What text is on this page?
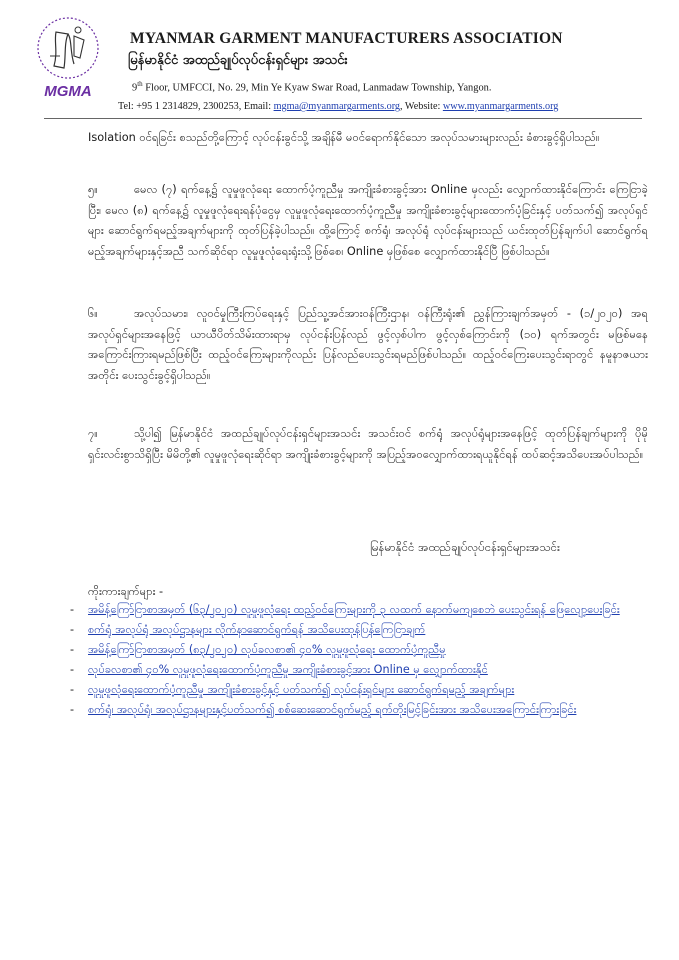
MGMA
MYANMAR GARMENT MANUFACTURERS ASSOCIATION
မြန်မာနိုင်ငံ အထည်ချုပ်လုပ်ငန်းရှင်များ အသင်း
9th Floor, UMFCCI, No. 29, Min Ye Kyaw Swar Road, Lanmadaw Township, Yangon.
Tel: +95 1 2314829, 2300253, Email: mgma@myanmargarments.org, Website: www.myanmargarments.org
Isolation ဝင်ရခြင်း စသည်တို့ကြောင့် လုပ်ငန်းခွင်သို့ အချိန်မီ မဝင်ရောက်နိုင်သော အလုပ်သမားများလည်း ခံစားခွင့်ရှိပါသည်။
၅။	မေလ (၇) ရက်နေ့၌ လူမှုဖူလုံရေး ထောက်ပံ့ကူညီမှု အကျိုးခံစားခွင့်အား Online မှလည်း လျှောက်ထားနိုင်ကြောင်း ကြေငြာခဲ့ပြီး၊ မေလ (၈) ရက်နေ့၌ လူမှုဖူလုံရေးရန်ပုံငွေမှ လူမှုဖူလုံရေးထောက်ပံ့ကူညီမှု အကျိုးခံစားခွင့်များထောက်ပံ့ခြင်းနှင့် ပတ်သက်၍ အလုပ်ရှင်များ ဆောင်ရွက်ရမည့်အချက်များကို ထုတ်ပြန်ခဲ့ပါသည်။ ထို့ကြောင့် စက်ရုံ၊ အလုပ်ရုံ လုပ်ငန်းများသည် ယင်းထုတ်ပြန်ချက်ပါ ဆောင်ရွက်ရမည့်အချက်များနှင့်အညီ သက်ဆိုင်ရာ လူမှုဖူလုံရေးရုံးသို့ဖြစ်စေ၊ Online မှဖြစ်စေ လျှောက်ထားနိုင်ပြီ ဖြစ်ပါသည်။
၆။	အလုပ်သမား၊ လူဝင်မှုကြီးကြပ်ရေးနှင့် ပြည်သူ့အင်အားဝန်ကြီးဌာန၊ ဝန်ကြီးရုံး၏ ညွှန်ကြားချက်အမှတ် - (၁/၂၀၂၀) အရ အလုပ်ရှင်များအနေဖြင့် ယာယီပိတ်သိမ်းထားရာမှ လုပ်ငန်းပြန်လည် ဖွင့်လှစ်ပါက ဖွင့်လှစ်ကြောင်းကို (၁၀) ရက်အတွင်း မဖြစ်မနေ အကြောင်းကြားရမည်ဖြစ်ပြီး ထည့်ဝင်ကြေးများကိုလည်း ပြန်လည်ပေးသွင်းရမည်ဖြစ်ပါသည်။ ထည့်ဝင်ကြေးပေးသွင်းရာတွင် နမူနာဇယားအတိုင်း ပေးသွင်းခွင့်ရှိပါသည်။
၇။	သို့ပါ၍ မြန်မာနိုင်ငံ အထည်ချုပ်လုပ်ငန်းရှင်များအသင်း အသင်းဝင် စက်ရုံ အလုပ်ရုံများအနေဖြင့် ထုတ်ပြန်ချက်များကို ပိုမိုရှင်းလင်းစွာသိရှိပြီး မိမိတို့၏ လူမှုဖူလုံရေးဆိုင်ရာ အကျိုးခံစားခွင့်များကို အပြည့်အဝလျှောက်ထားရယူနိုင်ရန် ထပ်ဆင့်အသိပေးအပ်ပါသည်။
မြန်မာနိုင်ငံ အထည်ချုပ်လုပ်ငန်းရှင်များအသင်း
ကိုးကားချက်များ -
- အမိန့်ကြော်ငြာစာအမှတ် (၆၃/၂၀၂၀) လူမှုဖူလုံရေး ထည့်ဝင်ကြေးများကို ၃ လထက် နောက်မကျစေဘဲ ပေးသွင်းရန် ဖြေလျော့ပေးခြင်း
- စက်ရုံ အလုပ်ရုံ အလုပ်ဌာနများ လိုက်နာဆောင်ရွက်ရန် အသိပေးထုန်ပြန်ကြေငြာချက်
- အမိန့်ကြော်ငြာစာအမှတ် (၈၃/၂၀၂၀) လုပ်ခလစာ၏ ၄၀% လူမှုဖူလုံရေး ထောက်ပံ့ကူညီမှု
- လုပ်ခလစာ၏ ၄၀% လူမှုဖူလုံရေးထောက်ပံ့ကူညီမှု အကျိုးခံစားခွင့်အား Online မှ လျှောက်ထားနိုင်
- လူမှုဖူလုံရေးထောက်ပံ့ကူညီမှု အကျိုးခံစားခွင့်နှင့် ပတ်သက်၍ လုပ်ငန်းရှင်များ ဆောင်ရွက်ရမည့် အချက်များ
- စက်ရုံ၊ အလုပ်ရုံ၊ အလုပ်ဌာနများနှင့်ပတ်သက်၍ စစ်ဆေးဆောင်ရွက်မည့် ရက်တိုးမြင့်ခြင်းအား အသိပေးအကြောင်းကြားခြင်း
